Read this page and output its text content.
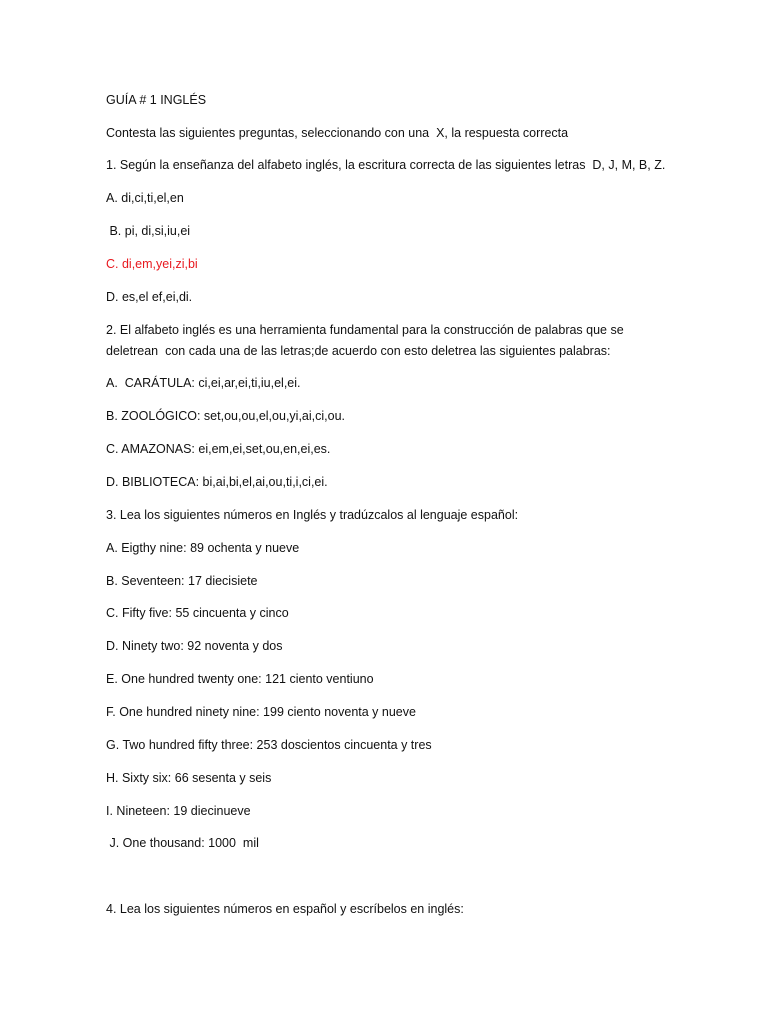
GUÍA # 1 INGLÉS
Contesta las siguientes preguntas, seleccionando con una  X, la respuesta correcta
1. Según la enseñanza del alfabeto inglés, la escritura correcta de las siguientes letras  D, J, M, B, Z.
A. di,ci,ti,el,en
B. pi, di,si,iu,ei
C. di,em,yei,zi,bi
D. es,el ef,ei,di.
2. El alfabeto inglés es una herramienta fundamental para la construcción de palabras que se
deletrean  con cada una de las letras;de acuerdo con esto deletrea las siguientes palabras:
A.  CARÁTULA: ci,ei,ar,ei,ti,iu,el,ei.
B. ZOOLÓGICO: set,ou,ou,el,ou,yi,ai,ci,ou.
C. AMAZONAS: ei,em,ei,set,ou,en,ei,es.
D. BIBLIOTECA: bi,ai,bi,el,ai,ou,ti,i,ci,ei.
3. Lea los siguientes números en Inglés y tradúzcalos al lenguaje español:
A. Eigthy nine: 89 ochenta y nueve
B. Seventeen: 17 diecisiete
C. Fifty five: 55 cincuenta y cinco
D. Ninety two: 92 noventa y dos
E. One hundred twenty one: 121 ciento ventiuno
F. One hundred ninety nine: 199 ciento noventa y nueve
G. Two hundred fifty three: 253 doscientos cincuenta y tres
H. Sixty six: 66 sesenta y seis
I. Nineteen: 19 diecinueve
J. One thousand: 1000  mil
4. Lea los siguientes números en español y escríbelos en inglés:
